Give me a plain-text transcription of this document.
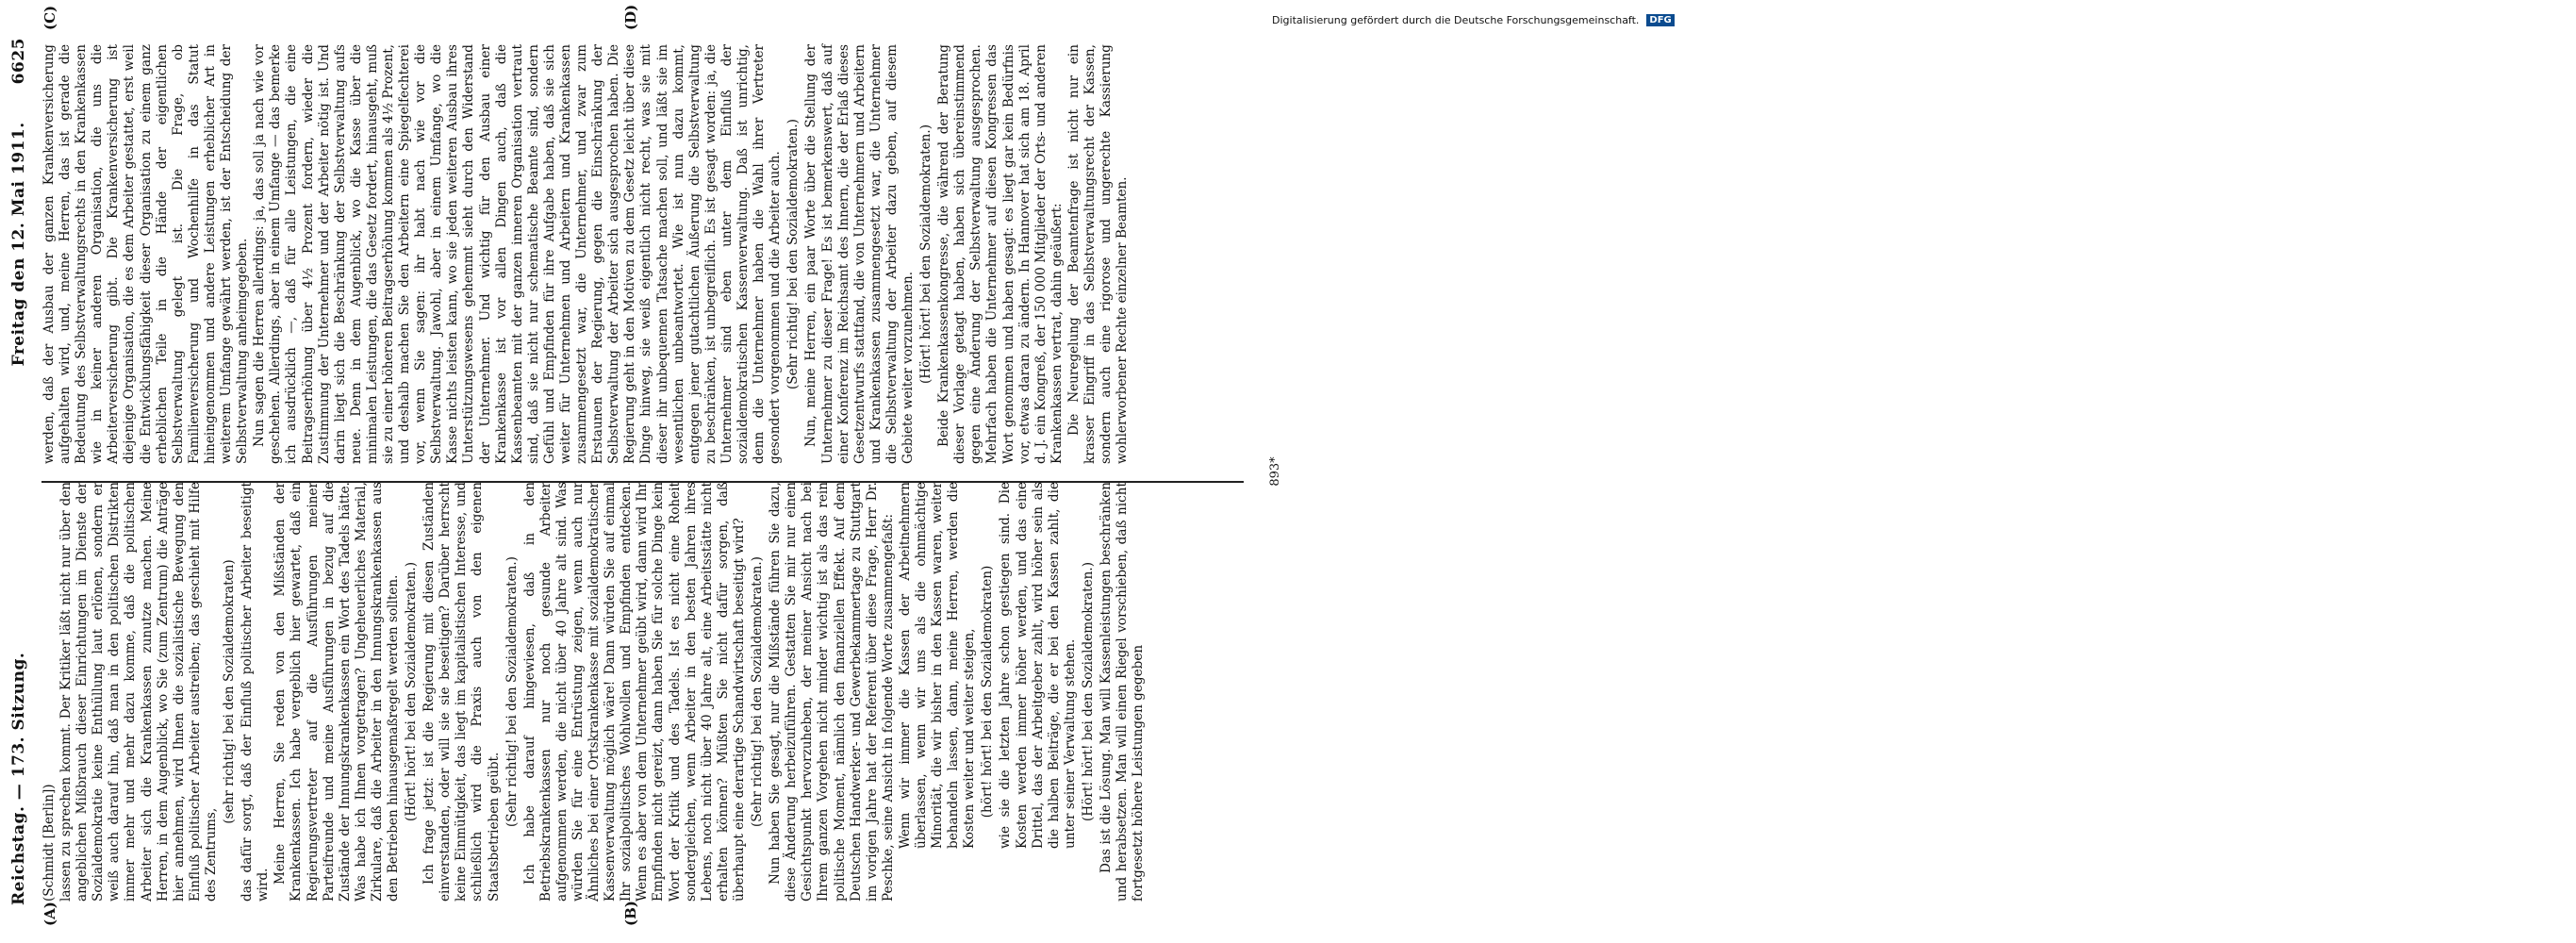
Reichstag. — 173. Sitzung.
Freitag den 12. Mai 1911.
6625
(A)	(B)
(C)	(D)

(Schmidt [Berlin]) lassen zu sprechen kommt. Der Kritiker läßt nicht nur über den angeblichen Mißbrauch dieser Einrichtungen im Dienste der Sozialdemokratie keine Enthüllung laut erlönen, sondern er weiß auch darauf hin, daß man in den politischen Distrikten immer mehr und mehr dazu komme, daß die politischen Arbeiter sich die Krankenkassen zunutze machen. Meine Herren, in dem Augenblick, wo Sie (zum Zentrum) die Anträge hier annehmen, wird Ihnen die sozialistische Bewegung den Einfluß politischer Arbeiter austreiben; das geschieht mit Hilfe des Zentrums,

(sehr richtig! bei den Sozialdemokraten) das dafür sorgt, daß der Einfluß politischer Arbeiter beseitigt wird.

Meine Herren, Sie reden von den Mißständen der Krankenkassen. Ich habe vergeblich hier gewartet, daß ein Regierungsvertreter auf die Ausführungen meiner Parteifreunde und meine Ausführungen in bezug auf die Zustände der Innungskrankenkassen ein Wort des Tadels hätte. Was habe ich Ihnen vorgetragen? Ungeheuerliches Material, Zirkulare, daß die Arbeiter in den Innungskrankenkassen aus den Betrieben hinausgemaßregelt werden sollten. (Hört! hört! bei den Sozialdemokraten.) Ich frage jetzt: ist die Regierung mit diesen Zuständen einverstanden, oder will sie sie beseitigen? Darüber herrscht keine Einmütigkeit, das liegt im kapitalistischen Interesse, und schließlich wird die Praxis auch von den eigenen Staatsbetrieben geübt. (Sehr richtig! bei den Sozialdemokraten.) Ich habe darauf hingewiesen, daß in den Betriebskrankenkassen nur noch gesunde Arbeiter aufgenommen werden, die nicht über 40 Jahre alt sind. Was würden Sie für eine Entrüstung zeigen, wenn auch nur Ähnliches bei einer Ortskrankenkasse mit sozialdemokratischer Kassenverwaltung möglich wäre! Dann würden Sie auf einmal Ihr sozialpolitisches Wohlwollen und Empfinden entdecken. Wenn es aber von dem Unternehmer geübt wird, dann wird Ihr Empfinden nicht gereizt, dann haben Sie für solche Dinge kein Wort der Kritik und des Tadels. Ist es nicht eine Roheit sondergleichen, wenn Arbeiter in den besten Jahren ihres Lebens, noch nicht über 40 Jahre alt, eine Arbeitsstätte nicht erhalten können? Müßten Sie nicht dafür sorgen, daß überhaupt eine derartige Schandwirtschaft beseitigt wird? (Sehr richtig! bei den Sozialdemokraten.) Nun haben Sie gesagt, nur die Mißstände führen Sie dazu, diese Änderung herbeizuführen. Gestatten Sie mir nur einen Gesichtspunkt hervorzuheben, der meiner Ansicht nach bei Ihrem ganzen Vorgehen nicht minder wichtig ist als das rein politische Moment, nämlich den finanziellen Effekt. Auf dem Deutschen Handwerker- und Gewerbekammertage zu Stuttgart im vorigen Jahre hat der Referent über diese Frage, Herr Dr. Peschke, seine Ansicht in folgende Worte zusammengefaßt: Wenn wir immer die Kassen der Arbeitnehmern überlassen, wenn wir uns als die ohnmächtige Minorität, die wir bisher in den Kassen waren, weiter behandeln lassen, dann, meine Herren, werden die Kosten weiter und weiter steigen, (hört! hört! bei den Sozialdemokraten) wie sie die letzten Jahre schon gestiegen sind. Die Kosten werden immer höher werden, und das eine Drittel, das der Arbeitgeber zahlt, wird höher sein als die halben Beiträge, die er bei den Kassen zahlt, die unter seiner Verwaltung stehen. (Hört! hört! bei den Sozialdemokraten.) Das ist die Lösung. Man will Kassenleistungen beschränken und herabsetzen. Man will einen Riegel vorschieben, daß nicht fortgesetzt höhere Leistungen gegeben

werden, daß der Ausbau der ganzen Krankenversicherung aufgehalten wird, und, meine Herren, das ist gerade die Bedeutung des Selbstverwaltungsrechts in den Krankenkassen wie in keiner anderen Organisation, die uns die Arbeiterversicherung gibt. Die Krankenversicherung ist diejenige Organisation, die es dem Arbeiter gestattet, erst weil die Entwicklungsfähigkeit dieser Organisation zu einem ganz erheblichen Teile in die Hände der eigentlichen Selbstverwaltung gelegt ist. Die Frage, ob Familienversicherung und Wochenhilfe in das Statut hineingenommen und andere Leistungen erheblicher Art in weiterem Umfange gewährt werden, ist der Entscheidung der Selbstverwaltung anheimgegeben. Nun sagen die Herren allerdings: ja, das soll ja nach wie vor geschehen. Allerdings, aber in einem Umfange — das bemerke ich ausdrücklich —, daß für alle Leistungen, die eine Beitragserhöhung über 4½ Prozent fordern, wieder die Zustimmung der Unternehmer und der Arbeiter nötig ist. Und darin liegt sich die Beschränkung der Selbstverwaltung aufs neue. Denn in dem Augenblick, wo die Kasse über die minimalen Leistungen, die das Gesetz fordert, hinausgeht, muß sie zu einer höheren Beitragserhöhung kommen als 4½ Prozent, und deshalb machen Sie den Arbeitern eine Spiegelfechterei vor, wenn Sie sagen: ihr habt nach wie vor die Selbstverwaltung. Jawohl, aber in einem Umfange, wo die Kasse nichts leisten kann, wo sie jeden weiteren Ausbau ihres Unterstützungswesens gehemmt sieht durch den Widerstand der Unternehmer. Und wichtig für den Ausbau einer Krankenkasse ist vor allen Dingen auch, daß die Kassenbeamten mit der ganzen inneren Organisation vertraut sind, daß sie nicht nur schematische Beamte sind, sondern Gefühl und Empfinden für ihre Aufgabe haben, daß sie sich weiter für Unternehmen und Arbeitern und Krankenkassen zusammengesetzt war, die Unternehmer, und zwar zum Erstaunen der Regierung, gegen die Einschränkung der Selbstverwaltung der Arbeiter sich ausgesprochen haben. Die Regierung geht in den Motiven zu dem Gesetz leicht über diese Dinge hinweg, sie weiß eigentlich nicht recht, was sie mit dieser ihr unbequemen Tatsache machen soll, und läßt sie im wesentlichen unbeantwortet. Wie ist nun dazu kommt, entgegen jener gutachtlichen Äußerung die Selbstverwaltung zu beschränken, ist unbegreiflich. Es ist gesagt worden: ja, die Unternehmer sind eben unter dem Einfluß der sozialdemokratischen Kassenverwaltung. Daß ist unrichtig, denn die Unternehmer haben die Wahl ihrer Vertreter gesondert vorgenommen und die Arbeiter auch. (Sehr richtig! bei den Sozialdemokraten.) Nun, meine Herren, ein paar Worte über die Stellung der Unternehmer zu dieser Frage! Es ist bemerkenswert, daß auf einer Konferenz im Reichsamt des Innern, die der Erlaß dieses Gesetzentwurfs stattfand, die von Unternehmern und Arbeitern und Krankenkassen zusammengesetzt war, die Unternehmer die Selbstverwaltung der Arbeiter dazu geben, auf diesem Gebiete weiter vorzunehmen. (Hört! hört! bei den Sozialdemokraten.) Beide Krankenkassenkongresse, die während der Beratung dieser Vorlage getagt haben, haben sich übereinstimmend gegen eine Änderung der Selbstverwaltung ausgesprochen. Mehrfach haben die Unternehmer auf diesen Kongressen das Wort genommen und haben gesagt: es liegt gar kein Bedürfnis vor, etwas daran zu ändern. In Hannover hat sich am 18. April d. J. ein Kongreß, der 150 000 Mitglieder der Orts- und anderen Krankenkassen vertrat, dahin geäußert: Die Neuregelung der Beamtenfrage ist nicht nur ein krasser Eingriff in das Selbstverwaltungsrecht der Kassen, sondern auch eine rigorose und ungerechte Kassierung wohlerworbener Rechte einzelner Beamten.

893*
Digitalisierung gefördert durch die Deutsche Forschungsgemeinschaft.	DFG
